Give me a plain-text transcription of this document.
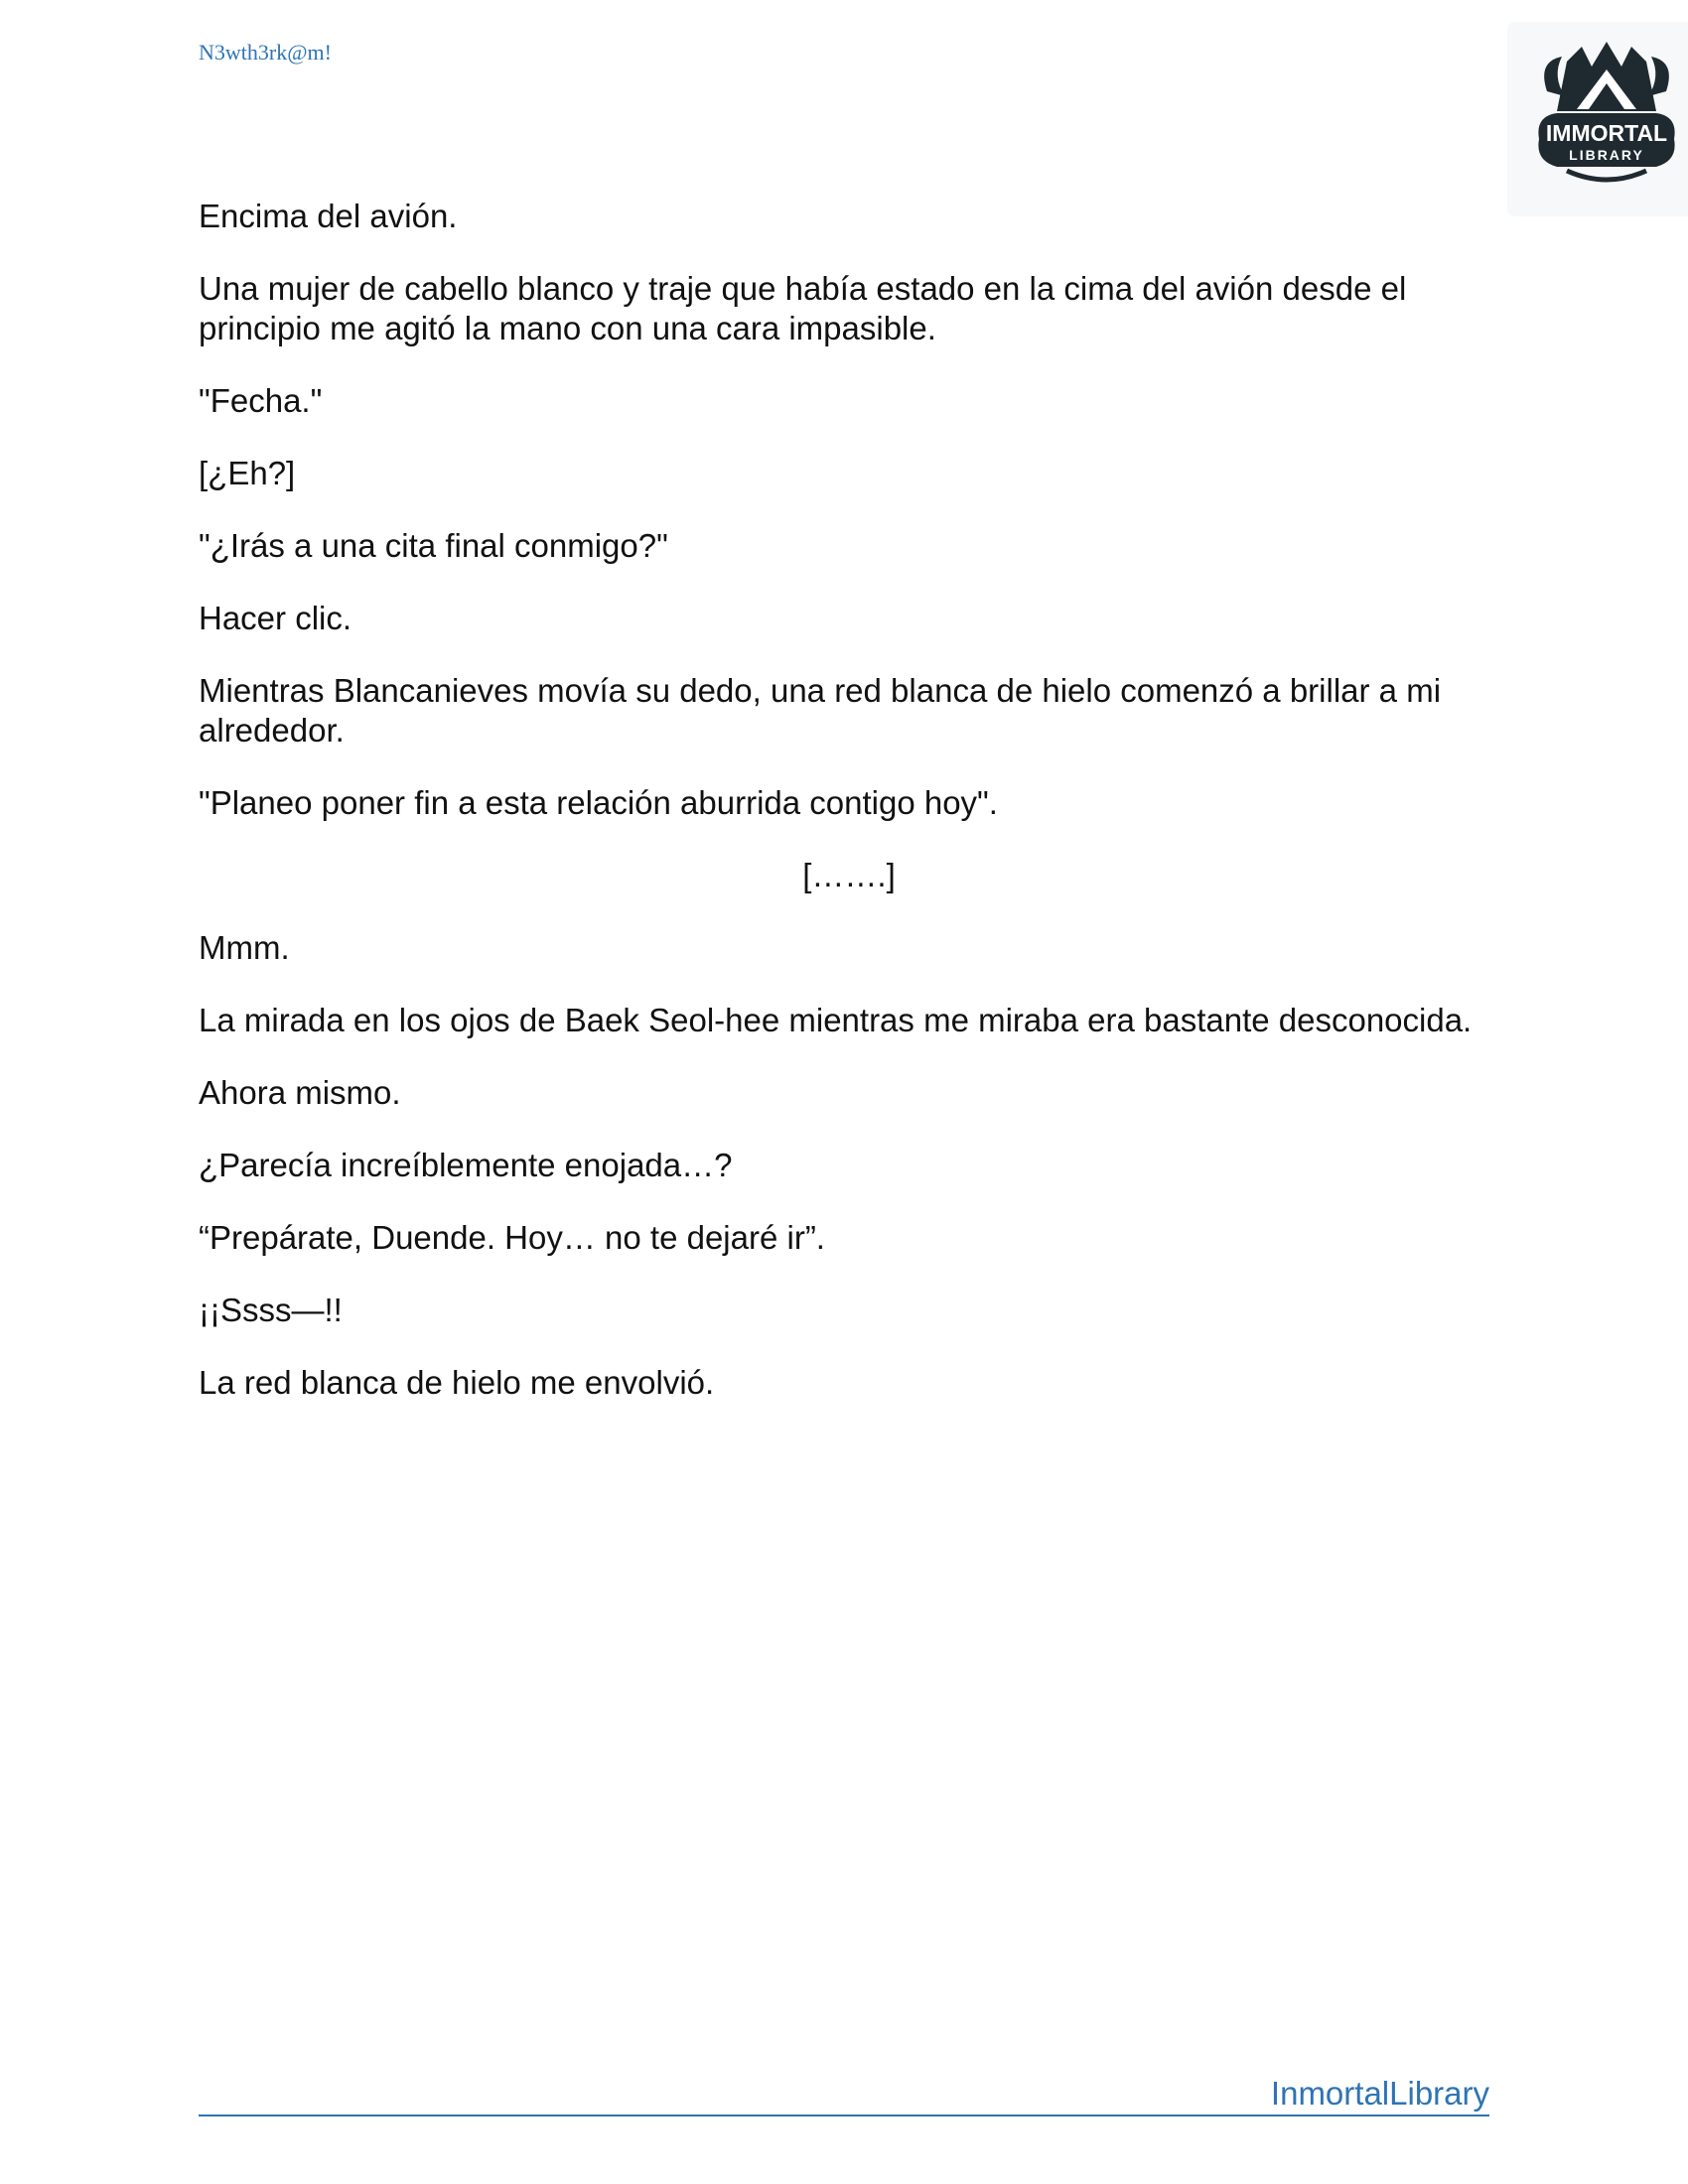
N3wth3rk@m!
IMMORTAL
LIBRARY

Encima del avión.

Una mujer de cabello blanco y traje que había estado en la cima del avión desde el principio me agitó la mano con una cara impasible.

"Fecha."

[¿Eh?]

"¿Irás a una cita final conmigo?"

Hacer clic.

Mientras Blancanieves movía su dedo, una red blanca de hielo comenzó a brillar a mi alrededor.

"Planeo poner fin a esta relación aburrida contigo hoy".

[…….]

Mmm.

La mirada en los ojos de Baek Seol-hee mientras me miraba era bastante desconocida.

Ahora mismo.

¿Parecía increíblemente enojada…?

“Prepárate, Duende. Hoy… no te dejaré ir”.

¡¡Ssss—!!

La red blanca de hielo me envolvió.

InmortalLibrary
